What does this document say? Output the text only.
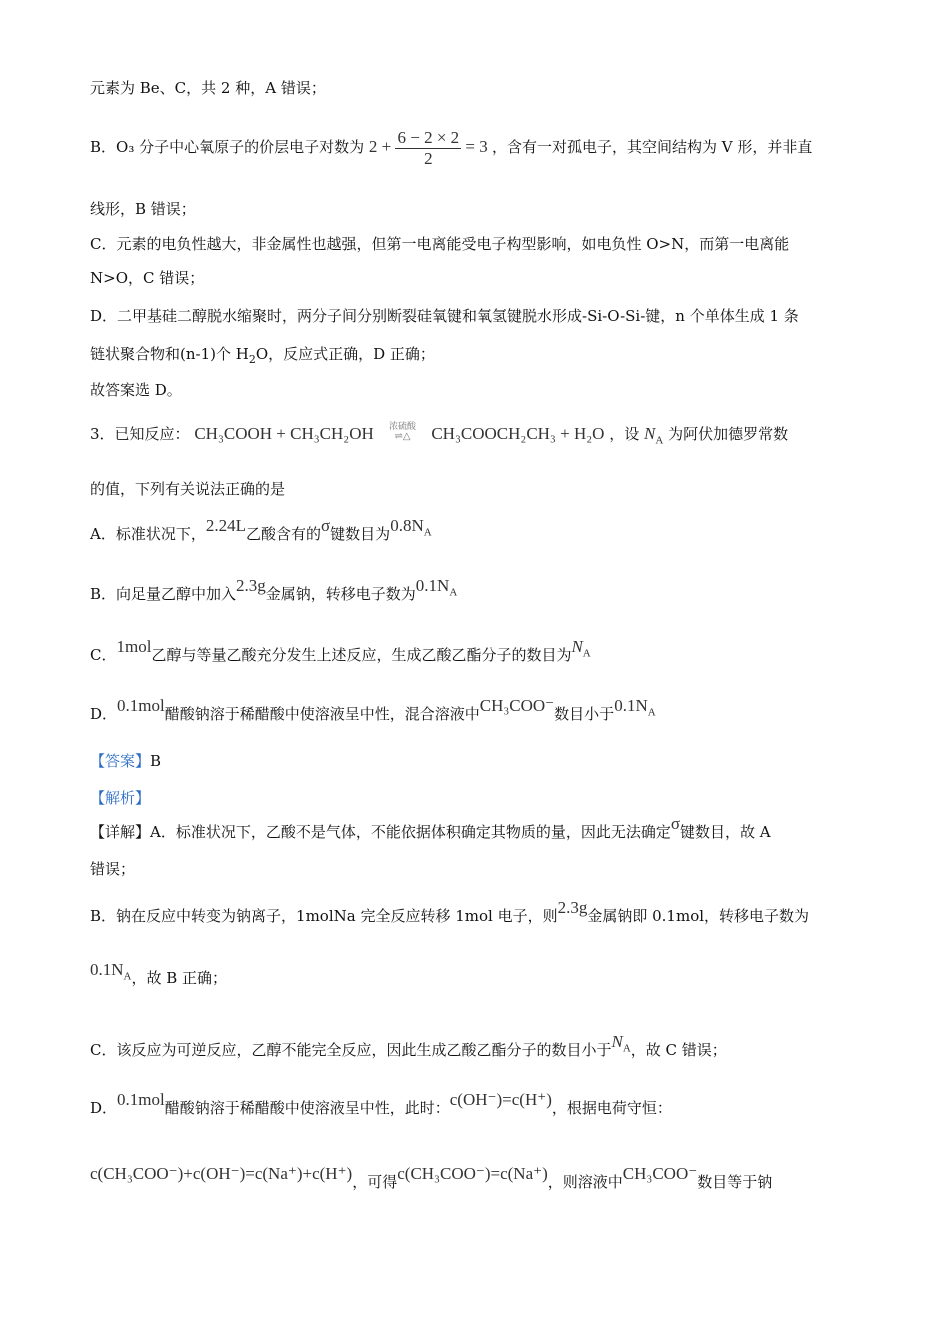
元素为 Be、C，共 2 种，A 错误；
B．O₃ 分子中心氧原子的价层电子对数为 $2 + \frac{6 - 2 \times 2}{2} = 3$ ，含有一对孤电子，其空间结构为 V 形，并非直
线形，B 错误；
C．元素的电负性越大，非金属性也越强，但第一电离能受电子构型影响，如电负性 O>N，而第一电离能
N>O，C 错误；
D．二甲基硅二醇脱水缩聚时，两分子间分别断裂硅氧键和氧氢键脱水形成-Si-O-Si-键，n 个单体生成 1 条
链状聚合物和(n-1)个 $H_2O$，反应式正确，D 正确；
故答案选 D。
3．已知反应： CH₃COOH + CH₃CH₂OH	浓硫酸
⇌△ CH₃COOCH₂CH₃ + H₂O ，设 $N_A$ 为阿伏加德罗常数
的值，下列有关说法正确的是
A．标准状况下，2.24L乙酸含有的σ键数目为$0.8N_A$
B．向足量乙醇中加入2.3g金属钠，转移电子数为$0.1N_A$
C．1mol乙醇与等量乙酸充分发生上述反应，生成乙酸乙酯分子的数目为$N_A$
D．0.1mol醋酸钠溶于稀醋酸中使溶液呈中性，混合溶液中CH₃COO⁻数目小于$0.1N_A$
【答案】B
【解析】
【详解】A．标准状况下，乙酸不是气体，不能依据体积确定其物质的量，因此无法确定σ键数目，故 A
错误；
B．钠在反应中转变为钠离子，1molNa 完全反应转移 1mol 电子，则2.3g金属钠即 0.1mol，转移电子数为
$0.1N_A$，故 B 正确；
C．该反应为可逆反应，乙醇不能完全反应，因此生成乙酸乙酯分子的数目小于$N_A$，故 C 错误；
D．0.1mol醋酸钠溶于稀醋酸中使溶液呈中性，此时：c(OH⁻)=c(H⁺)，根据电荷守恒：
c(CH₃COO⁻)+c(OH⁻)=c(Na⁺)+c(H⁺)，可得c(CH₃COO⁻)=c(Na⁺)，则溶液中CH₃COO⁻数目等于钠
